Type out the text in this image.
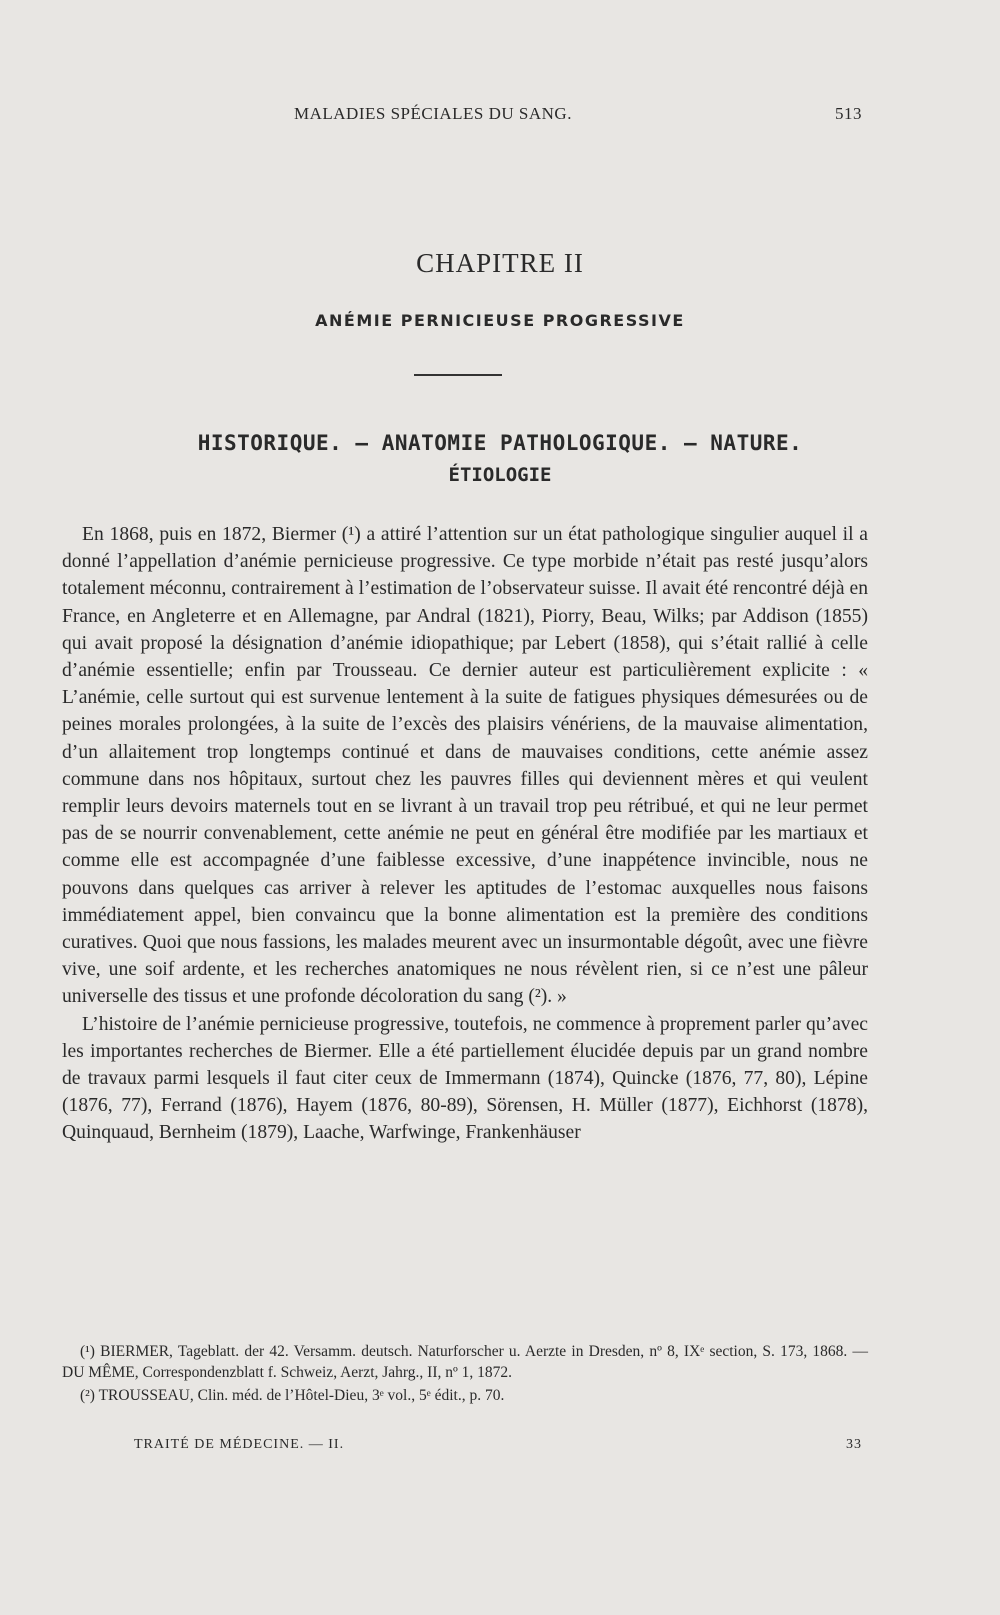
MALADIES SPÉCIALES DU SANG.	513
CHAPITRE II
ANÉMIE PERNICIEUSE PROGRESSIVE
HISTORIQUE. — ANATOMIE PATHOLOGIQUE. — NATURE.
ÉTIOLOGIE

En 1868, puis en 1872, Biermer (¹) a attiré l’attention sur un état pathologique singulier auquel il a donné l’appellation d’anémie pernicieuse progressive. Ce type morbide n’était pas resté jusqu’alors totalement méconnu, contrairement à l’estimation de l’observateur suisse. Il avait été rencontré déjà en France, en Angleterre et en Allemagne, par Andral (1821), Piorry, Beau, Wilks; par Addison (1855) qui avait proposé la désignation d’anémie idiopathique; par Lebert (1858), qui s’était rallié à celle d’anémie essentielle; enfin par Trousseau. Ce dernier auteur est particulièrement explicite : « L’anémie, celle surtout qui est survenue lentement à la suite de fatigues physiques démesurées ou de peines morales prolongées, à la suite de l’excès des plaisirs vénériens, de la mauvaise alimentation, d’un allaitement trop longtemps continué et dans de mauvaises conditions, cette anémie assez commune dans nos hôpitaux, surtout chez les pauvres filles qui deviennent mères et qui veulent remplir leurs devoirs maternels tout en se livrant à un travail trop peu rétribué, et qui ne leur permet pas de se nourrir convenablement, cette anémie ne peut en général être modifiée par les martiaux et comme elle est accompagnée d’une faiblesse excessive, d’une inappétence invincible, nous ne pouvons dans quelques cas arriver à relever les aptitudes de l’estomac auxquelles nous faisons immédiatement appel, bien convaincu que la bonne alimentation est la première des conditions curatives. Quoi que nous fassions, les malades meurent avec un insurmontable dégoût, avec une fièvre vive, une soif ardente, et les recherches anatomiques ne nous révèlent rien, si ce n’est une pâleur universelle des tissus et une profonde décoloration du sang (²). »

L’histoire de l’anémie pernicieuse progressive, toutefois, ne commence à proprement parler qu’avec les importantes recherches de Biermer. Elle a été partiellement élucidée depuis par un grand nombre de travaux parmi lesquels il faut citer ceux de Immermann (1874), Quincke (1876, 77, 80), Lépine (1876, 77), Ferrand (1876), Hayem (1876, 80-89), Sörensen, H. Müller (1877), Eichhorst (1878), Quinquaud, Bernheim (1879), Laache, Warfwinge, Frankenhäuser

(¹) BIERMER, Tageblatt. der 42. Versamm. deutsch. Naturforscher u. Aerzte in Dresden, nº 8, IXᵉ section, S. 173, 1868. — DU MÊME, Correspondenzblatt f. Schweiz, Aerzt, Jahrg., II, nº 1, 1872.

(²) TROUSSEAU, Clin. méd. de l’Hôtel-Dieu, 3ᵉ vol., 5ᵉ édit., p. 70.

TRAITÉ DE MÉDECINE. — II.	33
